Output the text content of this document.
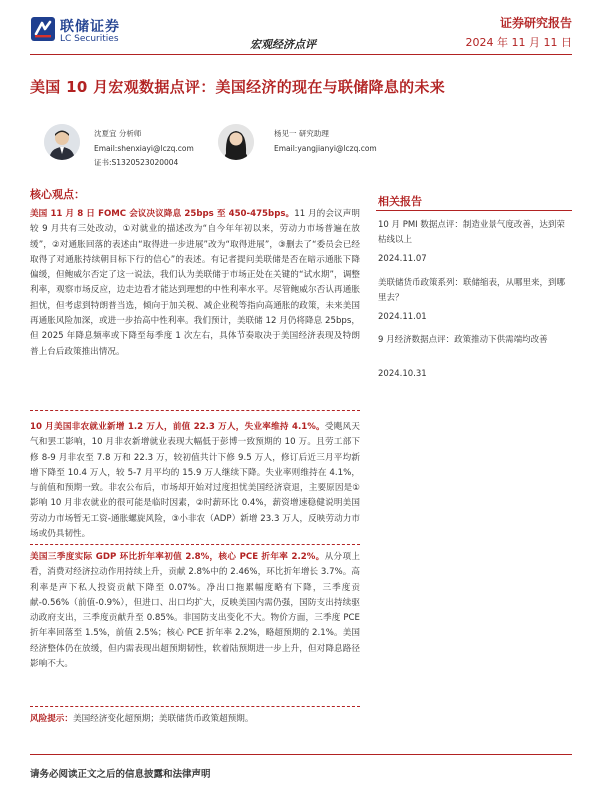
联储证券
LC Securities	宏观经济点评
证券研究报告
2024 年 11 月 11 日
美国 10 月宏观数据点评：美国经济的现在与联储降息的未来
沈夏宜 分析师
Email:shenxiayi@lczq.com
证书:S1320523020004
杨见一 研究助理
Email:yangjianyi@lczq.com
核心观点：
美国 11 月 8 日 FOMC 会议决议降息 25bps 至 450-475bps。11 月的会议声明较 9 月共有三处改动，①对就业的描述改为“自今年年初以来，劳动力市场普遍在放缓”，②对通胀回落的表述由“取得进一步进展”改为“取得进展”，③删去了“委员会已经取得了对通胀持续朝目标下行的信心”的表述。有记者提问美联储是否在暗示通胀下降偏缓，但鲍威尔否定了这一说法，我们认为美联储于市场正处在关键的“试水期”，调整利率，观察市场反应，边走边看才能达到理想的中性利率水平。尽管鲍威尔否认再通胀担忧，但考虑到特朗普当选，倾向于加关税、减企业税等指向高通胀的政策，未来美国再通胀风险加深，或进一步抬高中性利率。我们预计，美联储 12 月仍将降息 25bps，但 2025 年降息频率或下降至每季度 1 次左右，具体节奏取决于美国经济表现及特朗普上台后政策推出情况。
10 月美国非农就业新增 1.2 万人，前值 22.3 万人，失业率维持 4.1%。受飓风天气和罢工影响，10 月非农新增就业表现大幅低于彭博一致预期的 10 万。且劳工部下修 8-9 月非农至 7.8 万和 22.3 万，较初值共计下修 9.5 万人，修订后近三月平均新增下降至 10.4 万人，较 5-7 月平均的 15.9 万人继续下降。失业率则维持在 4.1%，与前值和预期一致。非农公布后，市场却开始对过度担忧美国经济衰退，主要原因是①影响 10 月非农就业的很可能是临时因素，②时薪环比 0.4%，薪资增速稳健说明美国劳动力市场暂无工资-通胀螺旋风险，③小非农（ADP）新增 23.3 万人，反映劳动力市场或仍具韧性。
美国三季度实际 GDP 环比折年率初值 2.8%，核心 PCE 折年率 2.2%。从分项上看，消费对经济拉动作用持续上升，贡献 2.8%中的 2.46%，环比折年增长 3.7%。高利率是声下私人投资贡献下降至 0.07%。净出口拖累幅度略有下降，三季度贡献-0.56%（前值-0.9%），但进口、出口均扩大，反映美国内需仍强，国防支出持续驱动政府支出，三季度贡献升至 0.85%。非国防支出变化不大。物价方面，三季度 PCE 折年率回落至 1.5%，前值 2.5%；核心 PCE 折年率 2.2%，略超预期的 2.1%。美国经济整体仍在放缓，但内需表现出超预期韧性，软着陆预期进一步上升，但对降息路径影响不大。
风险提示：美国经济变化超预期；美联储货币政策超预期。
相关报告
10 月 PMI 数据点评：制造业景气度改善，达到荣枯线以上
2024.11.07
美联储货币政策系列：联储缩表，从哪里来，到哪里去？
2024.11.01
9 月经济数据点评：政策推动下供需端均改善
2024.10.31
请务必阅读正文之后的信息披露和法律声明
